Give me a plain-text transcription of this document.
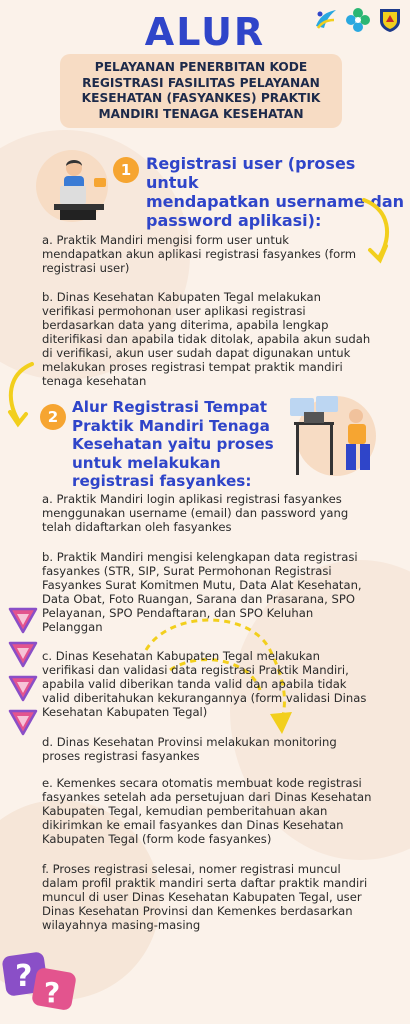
ALUR
PELAYANAN PENERBITAN KODE
REGISTRASI FASILITAS PELAYANAN
KESEHATAN (FASYANKES) PRAKTIK
MANDIRI TENAGA KESEHATAN
1 Registrasi user (proses untuk
mendapatkan username dan
password aplikasi):
a. Praktik Mandiri mengisi form user untuk
mendapatkan akun aplikasi registrasi fasyankes (form
registrasi user)
b. Dinas Kesehatan Kabupaten Tegal melakukan
verifikasi permohonan user aplikasi registrasi
berdasarkan data yang diterima, apabila lengkap
diterifikasi dan apabila tidak ditolak, apabila akun sudah
di verifikasi, akun user sudah dapat digunakan untuk
melakukan proses registrasi tempat praktik mandiri
tenaga kesehatan
2
Alur Registrasi Tempat
Praktik Mandiri Tenaga
Kesehatan yaitu proses
untuk melakukan
registrasi fasyankes:
a. Praktik Mandiri login aplikasi registrasi fasyankes
menggunakan username (email) dan password yang
telah didaftarkan oleh fasyankes
b. Praktik Mandiri mengisi kelengkapan data registrasi
fasyankes (STR, SIP, Surat Permohonan Registrasi
Fasyankes Surat Komitmen Mutu, Data Alat Kesehatan,
Data Obat, Foto Ruangan, Sarana dan Prasarana, SPO
Pelayanan, SPO Pendaftaran, dan SPO Keluhan
Pelanggan
c. Dinas Kesehatan Kabupaten Tegal melakukan
verifikasi dan validasi data registrasi Praktik Mandiri,
apabila valid diberikan tanda valid dan apabila tidak
valid diberitahukan kekurangannya (form validasi Dinas
Kesehatan Kabupaten Tegal)
d. Dinas Kesehatan Provinsi melakukan monitoring
proses registrasi fasyankes
e. Kemenkes secara otomatis membuat kode registrasi
fasyankes setelah ada persetujuan dari Dinas Kesehatan
Kabupaten Tegal, kemudian pemberitahuan akan
dikirimkan ke email fasyankes dan Dinas Kesehatan
Kabupaten Tegal (form kode fasyankes)
f. Proses registrasi selesai, nomer registrasi muncul
dalam profil praktik mandiri serta daftar praktik mandiri
muncul di user Dinas Kesehatan Kabupaten Tegal, user
Dinas Kesehatan Provinsi dan Kemenkes berdasarkan
wilayahnya masing-masing
? ?
